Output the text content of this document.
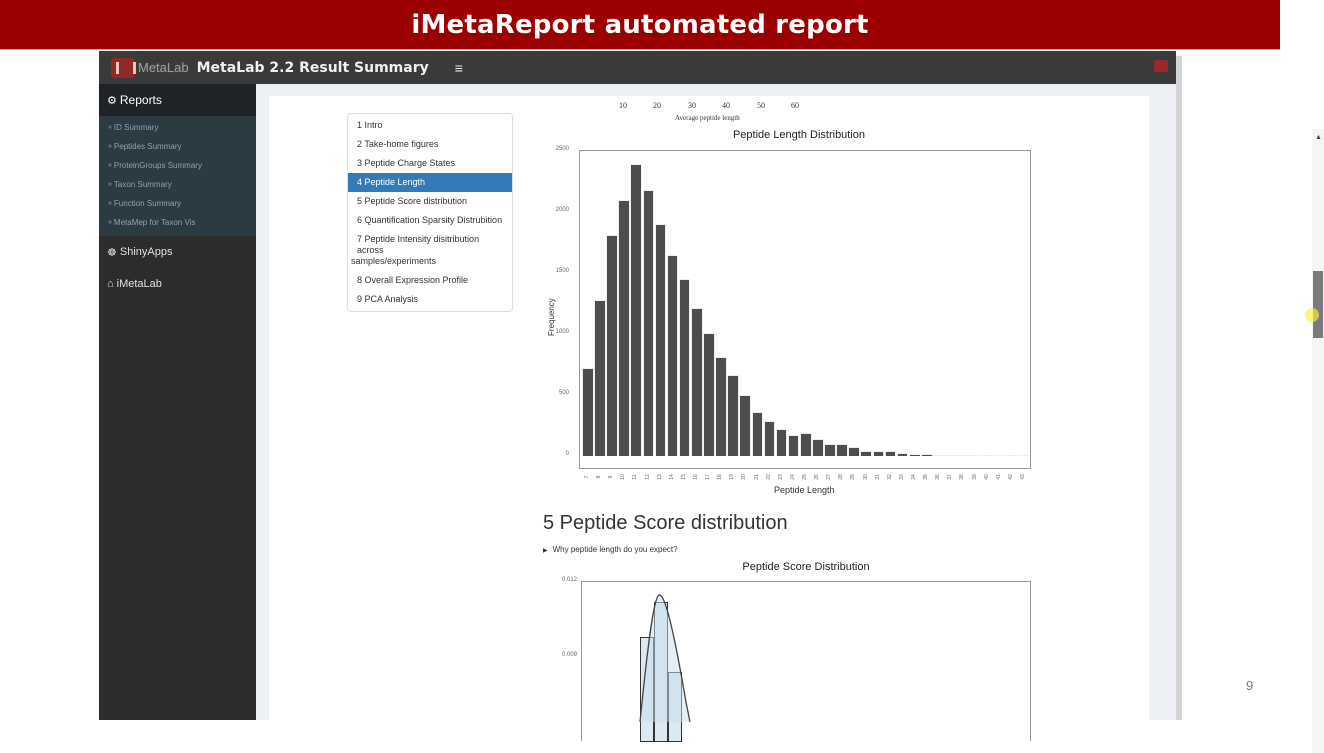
iMetaReport automated report
MetaLab MetaLab 2.2 Result Summary ≡
⚙ Reports
» ID Summary
» Peptides Summary
» ProteinGroups Summary
» Taxon Summary
» Function Summary
» MetaMep for Taxon Vis
☸ ShinyApps
⌂ iMetaLab
10	20	30	40	50	60
Average peptide length
1 Intro
2 Take-home figures
3 Peptide Charge States
4 Peptide Length
5 Peptide Score distribution
6 Quantification Sparsity Distrubition
7 Peptide Intensity disitribution across
samples/experiments
8 Overall Expression Profile
9 PCA Analysis
Peptide Length Distribution
2500
2000
1500
1000
500
0
Frequency
7 8 9 10 11 12 13 14 15 16 17 18 19 20 21 22 23 24 25 26 27 28 29 30 31 32 33 34 35 36 37 38 39 40 41 42 43
Peptide Length
5 Peptide Score distribution
▶ Why peptide length do you expect?
Peptide Score Distribution
0.012
0.009
▲
9
